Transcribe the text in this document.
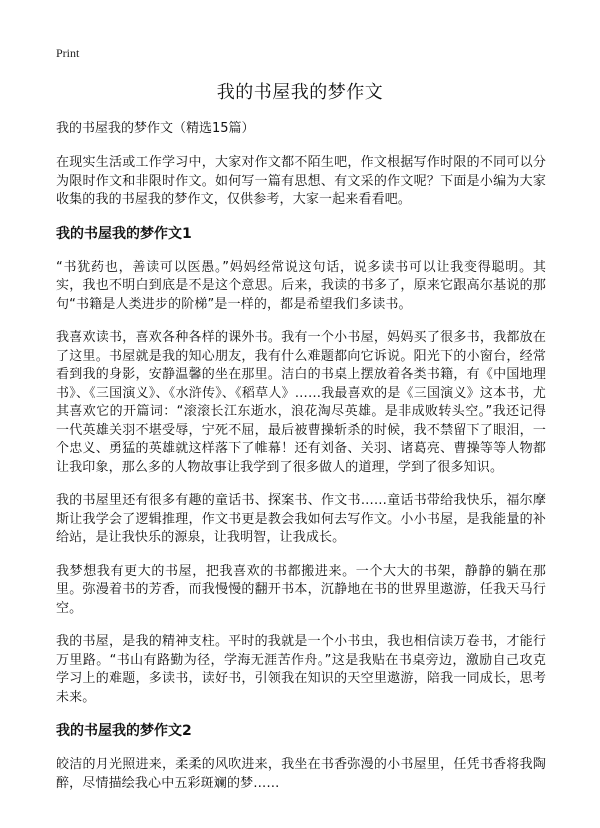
Print
我的书屋我的梦作文
我的书屋我的梦作文（精选15篇）

在现实生活或工作学习中，大家对作文都不陌生吧，作文根据写作时限的不同可以分为限时作文和非限时作文。如何写一篇有思想、有文采的作文呢？下面是小编为大家收集的我的书屋我的梦作文，仅供参考，大家一起来看看吧。

我的书屋我的梦作文1

“书犹药也，善读可以医愚。”妈妈经常说这句话，说多读书可以让我变得聪明。其实，我也不明白到底是不是这个意思。后来，我读的书多了，原来它跟高尔基说的那句“书籍是人类进步的阶梯”是一样的，都是希望我们多读书。

我喜欢读书，喜欢各种各样的课外书。我有一个小书屋，妈妈买了很多书，我都放在了这里。书屋就是我的知心朋友，我有什么难题都向它诉说。阳光下的小窗台，经常看到我的身影，安静温馨的坐在那里。洁白的书桌上摆放着各类书籍，有《中国地理书》、《三国演义》、《水浒传》、《稻草人》……我最喜欢的是《三国演义》这本书，尤其喜欢它的开篇词：“滚滚长江东逝水，浪花淘尽英雄。是非成败转头空。”我还记得一代英雄关羽不堪受辱，宁死不屈，最后被曹操斩杀的时候，我不禁留下了眼泪，一个忠义、勇猛的英雄就这样落下了帷幕！还有刘备、关羽、诸葛亮、曹操等等人物都让我印象，那么多的人物故事让我学到了很多做人的道理，学到了很多知识。

我的书屋里还有很多有趣的童话书、探案书、作文书……童话书带给我快乐，福尔摩斯让我学会了逻辑推理，作文书更是教会我如何去写作文。小小书屋，是我能量的补给站，是让我快乐的源泉，让我明智，让我成长。

我梦想我有更大的书屋，把我喜欢的书都搬进来。一个大大的书架，静静的躺在那里。弥漫着书的芳香，而我慢慢的翻开书本，沉静地在书的世界里遨游，任我天马行空。

我的书屋，是我的精神支柱。平时的我就是一个小书虫，我也相信读万卷书，才能行万里路。“书山有路勤为径，学海无涯苦作舟。”这是我贴在书桌旁边，激励自己攻克学习上的难题，多读书，读好书，引领我在知识的天空里遨游，陪我一同成长，思考未来。

我的书屋我的梦作文2

皎洁的月光照进来，柔柔的风吹进来，我坐在书香弥漫的小书屋里，任凭书香将我陶醉，尽情描绘我心中五彩斑斓的梦……
